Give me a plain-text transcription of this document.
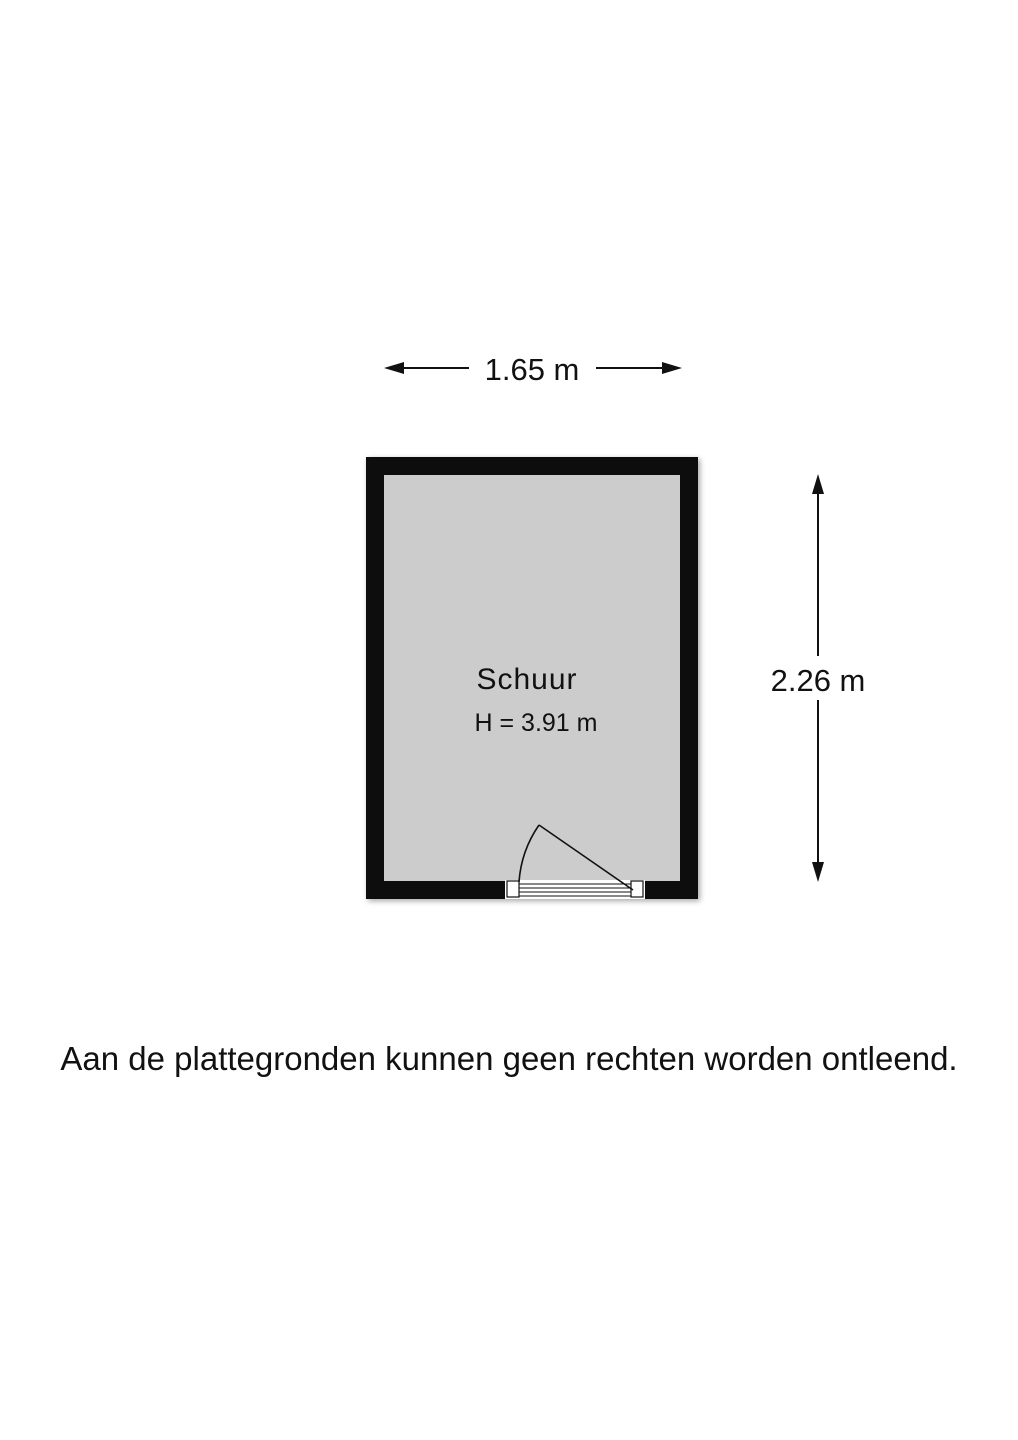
1.65 m
2.26 m
Schuur
H = 3.91 m
Aan de plattegronden kunnen geen rechten worden ontleend.
